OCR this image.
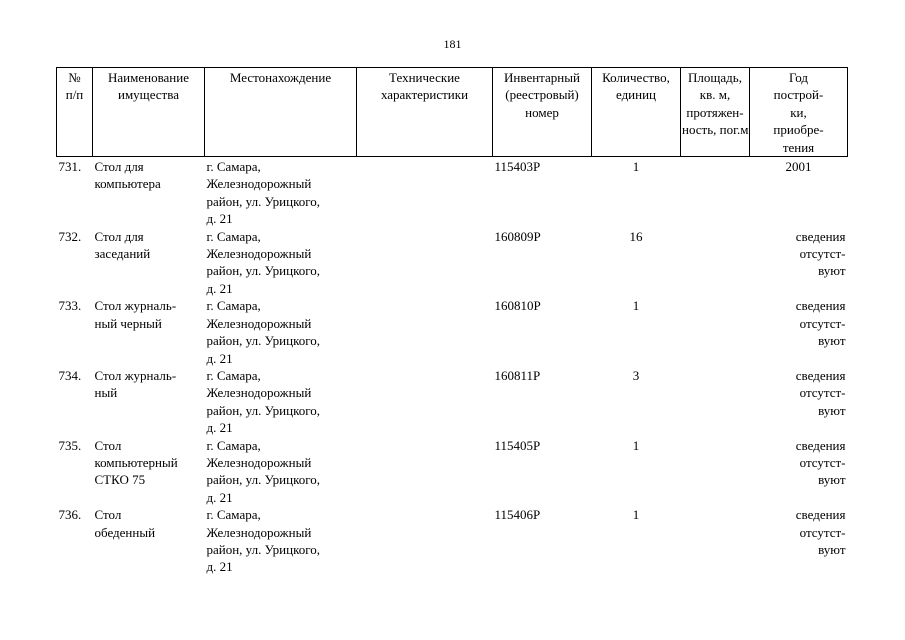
181
№
п/п	Наименование
имущества	Местонахождение	Технические
характеристики	Инвентарный
(реестровый)
номер	Количество,
единиц	Площадь,
кв. м,
протяжен-
ность, пог.м	Год
построй-
ки,
приобре-
тения

731.	Стол для
компьютера	г. Самара,
Железнодорожный
район, ул. Урицкого,
д. 21		115403Р	1		2001

732.	Стол для
заседаний	г. Самара,
Железнодорожный
район, ул. Урицкого,
д. 21		160809Р	16		сведения
отсутст-
вуют

733.	Стол журналь-
ный черный	г. Самара,
Железнодорожный
район, ул. Урицкого,
д. 21		160810Р	1		сведения
отсутст-
вуют

734.	Стол журналь-
ный	г. Самара,
Железнодорожный
район, ул. Урицкого,
д. 21		160811Р	3		сведения
отсутст-
вуют

735.	Стол
компьютерный
СТКО 75	г. Самара,
Железнодорожный
район, ул. Урицкого,
д. 21		115405Р	1		сведения
отсутст-
вуют

736.	Стол
обеденный	г. Самара,
Железнодорожный
район, ул. Урицкого,
д. 21		115406Р	1		сведения
отсутст-
вуют
